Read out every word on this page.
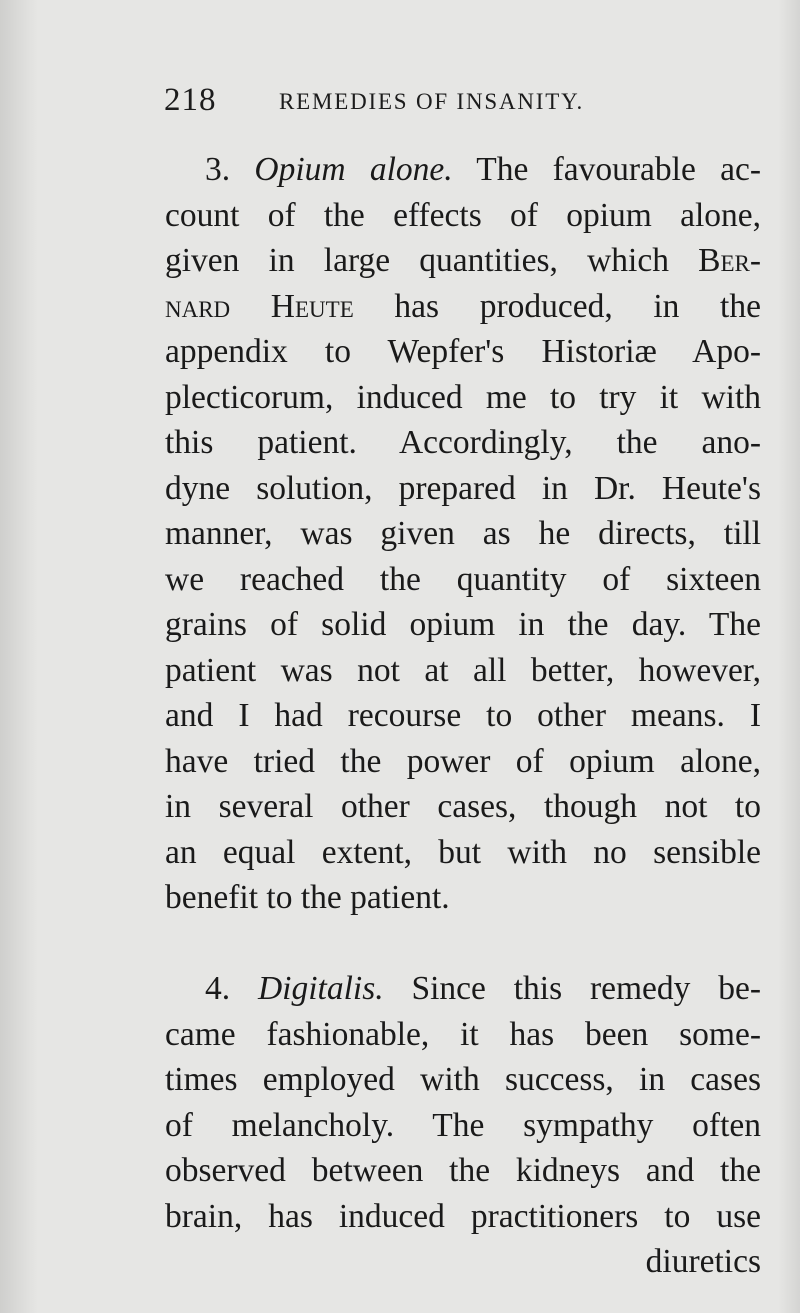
218	REMEDIES OF INSANITY.
3. Opium alone. The favourable ac-
count of the effects of opium alone,
given in large quantities, which Ber-
nard Heute has produced, in the
appendix to Wepfer's Historiæ Apo-
plecticorum, induced me to try it with
this patient. Accordingly, the ano-
dyne solution, prepared in Dr. Heute's
manner, was given as he directs, till
we reached the quantity of sixteen
grains of solid opium in the day. The
patient was not at all better, however,
and I had recourse to other means. I
have tried the power of opium alone,
in several other cases, though not to
an equal extent, but with no sensible
benefit to the patient.
4. Digitalis. Since this remedy be-
came fashionable, it has been some-
times employed with success, in cases
of melancholy. The sympathy often
observed between the kidneys and the
brain, has induced practitioners to use
diuretics
